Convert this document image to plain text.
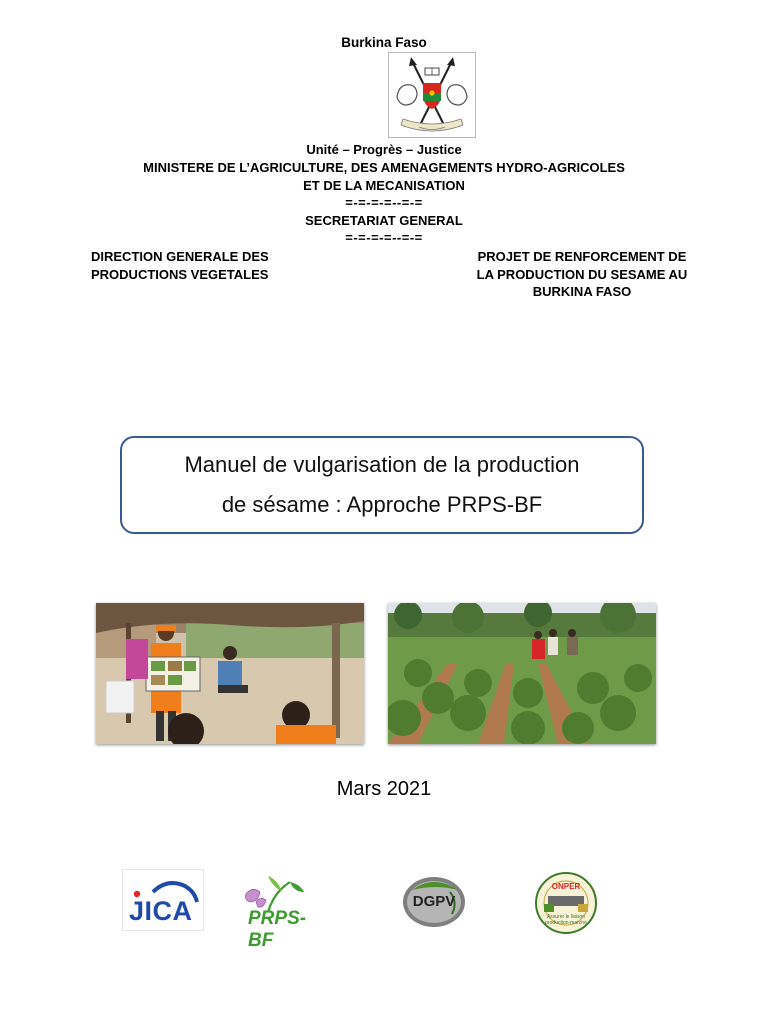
Burkina Faso
Unité – Progrès – Justice
MINISTERE DE L’AGRICULTURE, DES AMENAGEMENTS HYDRO-AGRICOLES
ET DE LA MECANISATION
=-=-=-=--=-=
SECRETARIAT GENERAL
=-=-=-=--=-=
DIRECTION GENERALE DES
PRODUCTIONS VEGETALES
PROJET DE RENFORCEMENT DE
LA PRODUCTION DU SESAME AU
BURKINA FASO
Manuel de vulgarisation de la production
de sésame : Approche PRPS-BF
Mars 2021
JICA	PRPS-BF
DGPV
ONPER
Assurer le liaison production-marché
